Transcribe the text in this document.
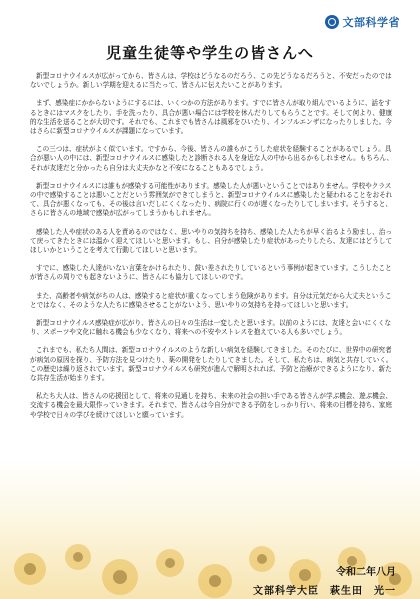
文部科学省
児童生徒等や学生の皆さんへ

新型コロナウイルスが広がってから、皆さんは、学校はどうなるのだろう、この先どうなるだろうと、不安だったのではないでしょうか。新しい学期を迎えるに当たって、皆さんに伝えたいことがあります。

まず、感染症にかからないようにするには、いくつかの方法があります。すでに皆さんが取り組んでいるように、話をするときにはマスクをしたり、手を洗ったり、具合が悪い場合には学校を休んだりしてもらうことです。そして何より、健康的な生活を送ることが大切です。それでも、これまでも皆さんは風邪をひいたり、インフルエンザになったりしました。今はさらに新型コロナウイルスが課題になっています。

この三つは、症状がよく似ています。ですから、今後、皆さんの誰もがこうした症状を経験することがあるでしょう。具合が悪い人の中には、新型コロナウイルスに感染したと診断される人を身近な人の中から出るかもしれません。もちろん、それが友達だと分かったら自分は大丈夫かなと不安になることもあるでしょう。

新型コロナウイルスには誰もが感染する可能性があります。感染した人が悪いということではありません。学校やクラスの中で感染することは悪いことだという雰囲気ができてしまうと、新型コロナウイルスに感染したと疑われることをおそれて、具合が悪くなっても、その後は言いだしにくくなったり、病院に行くのが遅くなったりしてしまいます。そうすると、さらに皆さんの地域で感染が広がってしまうかもしれません。

感染した人や症状のある人を責めるのではなく、思いやりの気持ちを持ち、感染した人たちが早く治るよう励まし、治って戻ってきたときには温かく迎えてほしいと思います。もし、自分が感染したり症状があったりしたら、友達にはどうしてほしいかということを考えて行動してほしいと思います。

すでに、感染した人達がいない言葉をかけられたり、鼓い差されたりしているという事例が起きています。こうしたことが皆さんの周りでも起きないように、皆さんにも協力してほしいのです。

また、高齢者や病気がちの人は、感染すると症状が重くなってしまう危険があります。自分は元気だから大丈夫ということではなく、そのような人たちに感染させることがないよう、思いやりの気持ちを持ってほしいと思います。

新型コロナウイルス感染症が広がり、皆さんの日々の生活は一変したと思います。以前のようには、友達と会いにくくなり、スポーツや文化に触れる機会も少なくなり、将来への不安やストレスを抱えている人も多いでしょう。

これまでも、私たち人間は、新型コロナウイルスのような新しい病気を経験してきました。そのたびに、世界中の研究者が病気の原因を探り、予防方法を見つけたり、薬の開発をしたりしてきました。そして、私たちは、病気と共存していく。この歴史は繰り返されています。新型コロナウイルスも研究が進んで解明されれば、予防と治療ができるようになり、新たな共存生活が始まります。

私たち大人は、皆さんの応援団として、将来の見通しを持ち、未来の社会の担い手である皆さんが学ぶ機会、遊ぶ機会、交流する機会を最大限作っていきます。それまで、皆さんは今自分ができる予防をしっかり行い、将来の目標を持ち、家庭や学校で日々の学びを続けてほしいと願っています。

令和二年八月

文部科学大臣　萩生田　光一
